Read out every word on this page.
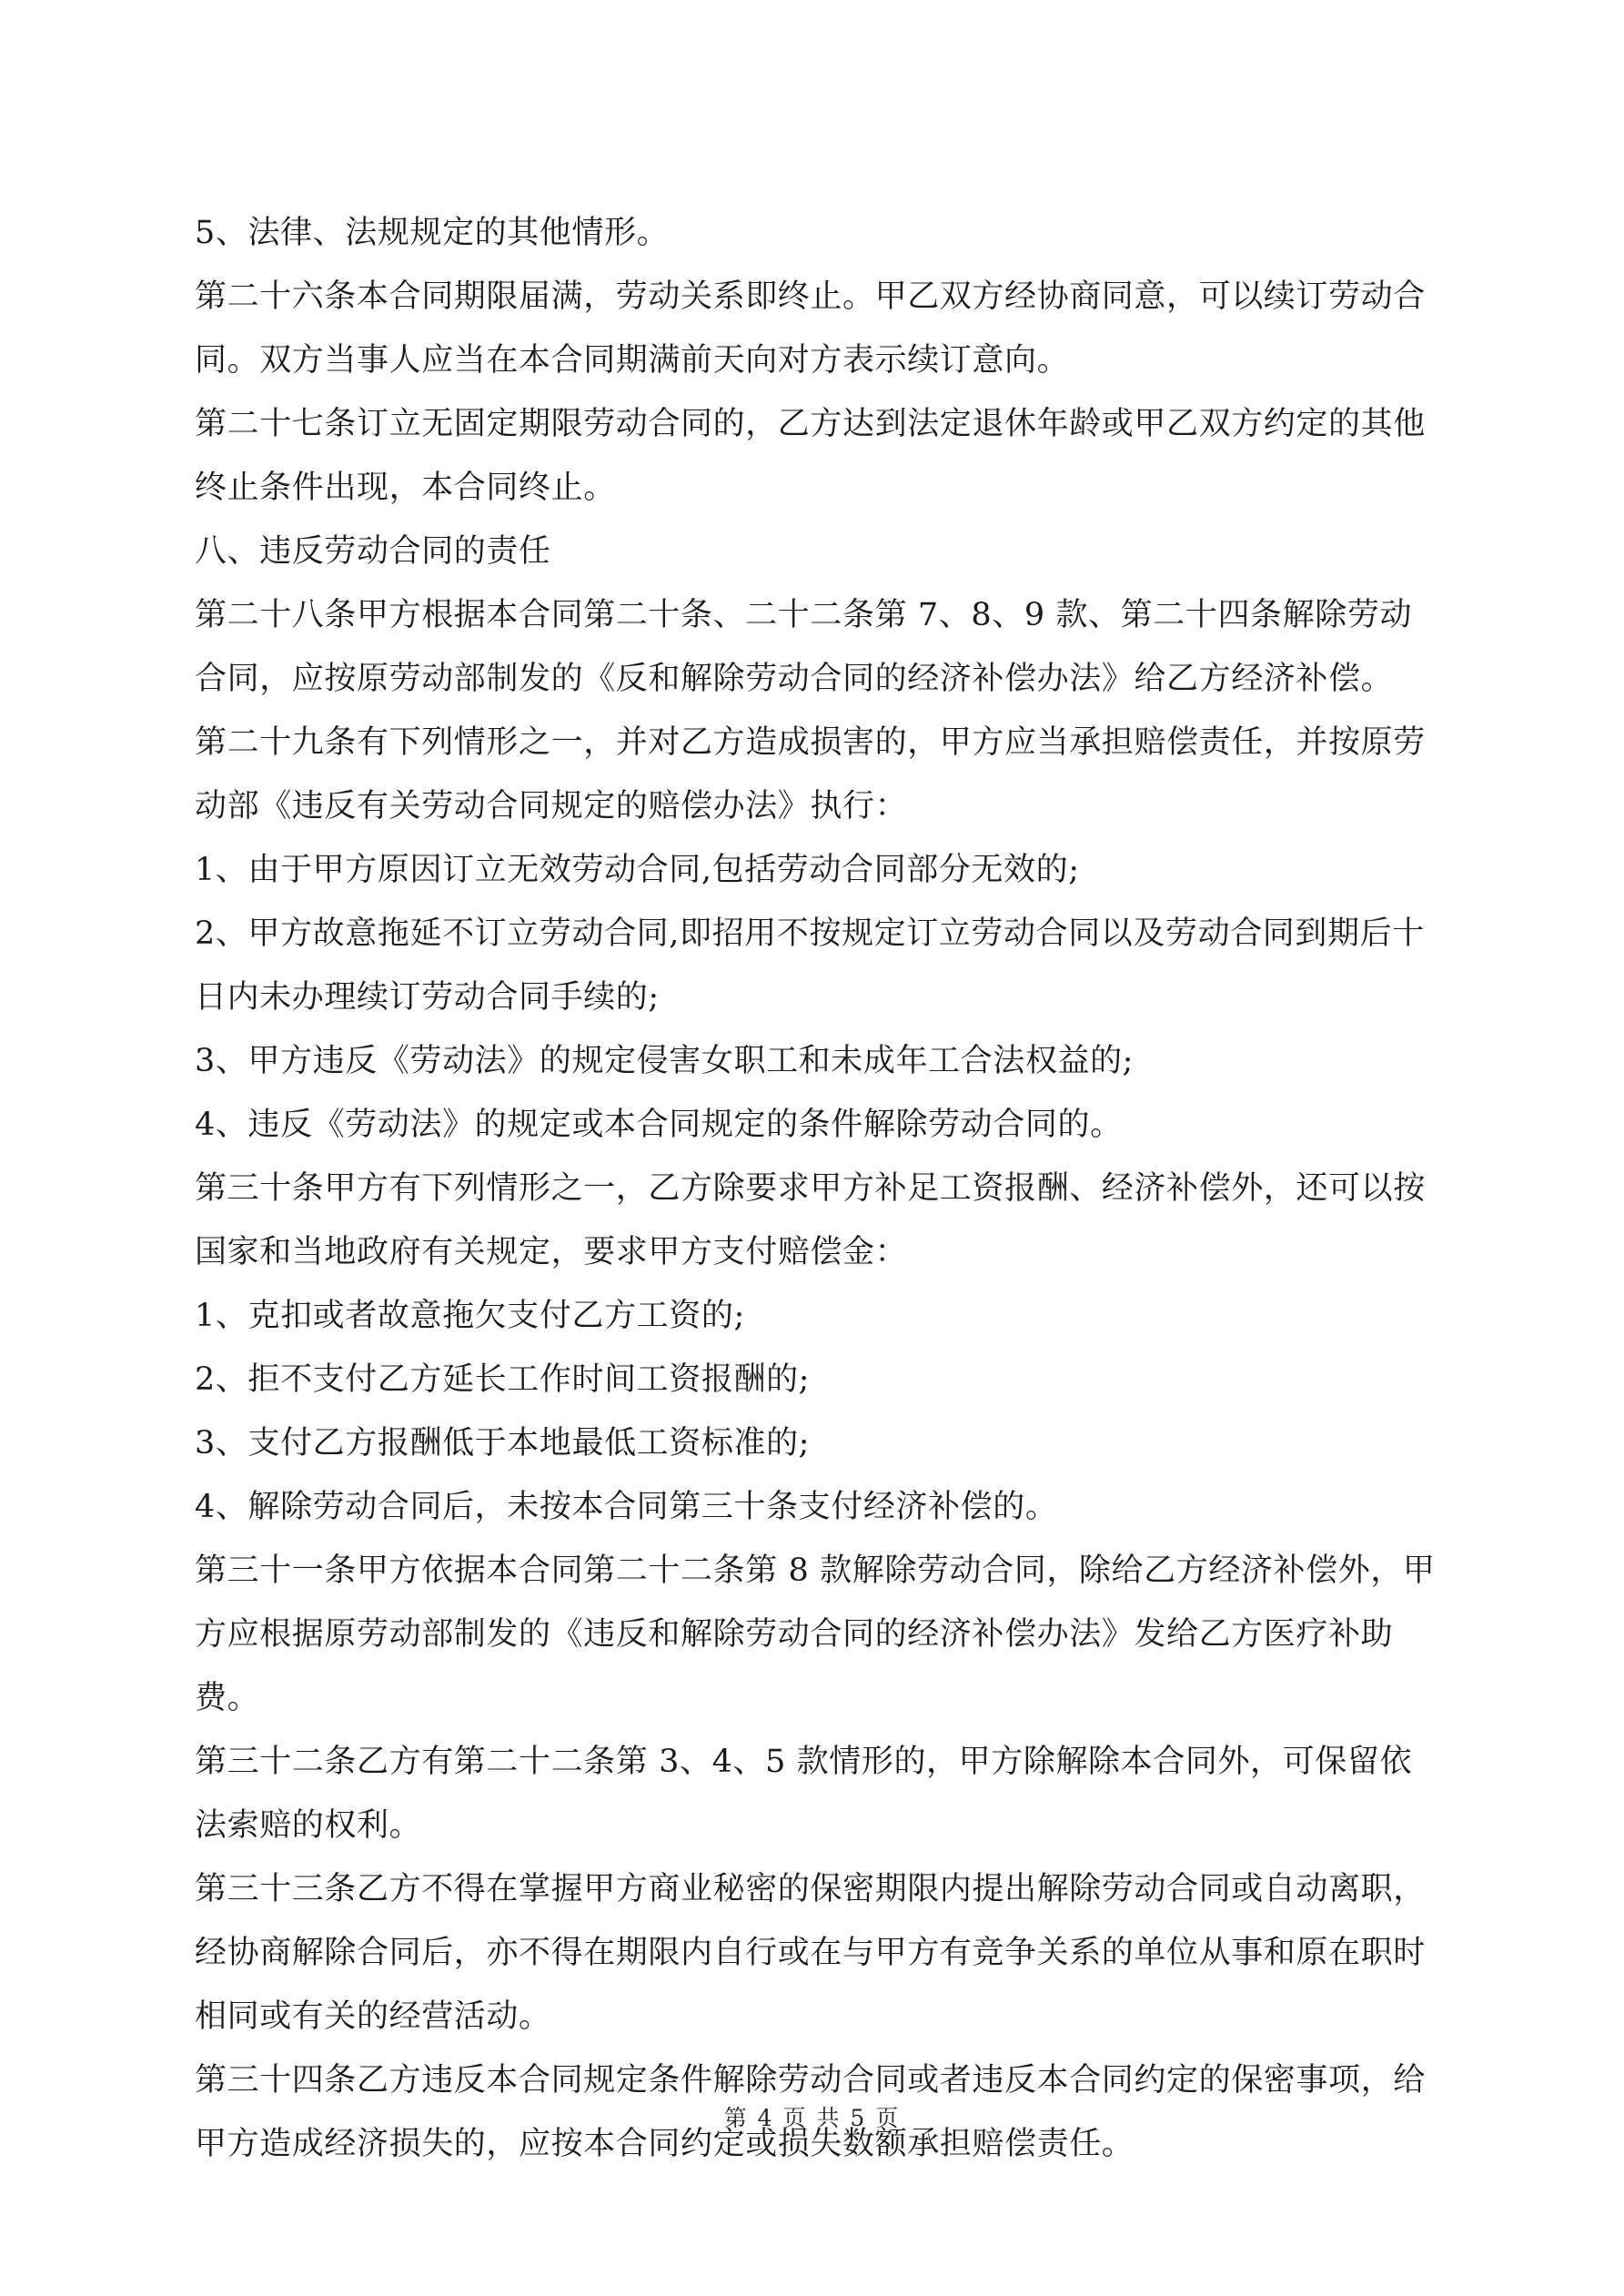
5、法律、法规规定的其他情形。

第二十六条本合同期限届满，劳动关系即终止。甲乙双方经协商同意，可以续订劳动合同。双方当事人应当在本合同期满前天向对方表示续订意向。

第二十七条订立无固定期限劳动合同的，乙方达到法定退休年龄或甲乙双方约定的其他终止条件出现，本合同终止。

八、违反劳动合同的责任

第二十八条甲方根据本合同第二十条、二十二条第 7、8、9 款、第二十四条解除劳动合同，应按原劳动部制发的《反和解除劳动合同的经济补偿办法》给乙方经济补偿。

第二十九条有下列情形之一，并对乙方造成损害的，甲方应当承担赔偿责任，并按原劳动部《违反有关劳动合同规定的赔偿办法》执行：

1、由于甲方原因订立无效劳动合同,包括劳动合同部分无效的;

2、甲方故意拖延不订立劳动合同,即招用不按规定订立劳动合同以及劳动合同到期后十日内未办理续订劳动合同手续的;

3、甲方违反《劳动法》的规定侵害女职工和未成年工合法权益的;

4、违反《劳动法》的规定或本合同规定的条件解除劳动合同的。

第三十条甲方有下列情形之一，乙方除要求甲方补足工资报酬、经济补偿外，还可以按国家和当地政府有关规定，要求甲方支付赔偿金：

1、克扣或者故意拖欠支付乙方工资的;

2、拒不支付乙方延长工作时间工资报酬的;

3、支付乙方报酬低于本地最低工资标准的;

4、解除劳动合同后，未按本合同第三十条支付经济补偿的。

第三十一条甲方依据本合同第二十二条第 8 款解除劳动合同，除给乙方经济补偿外，甲方应根据原劳动部制发的《违反和解除劳动合同的经济补偿办法》发给乙方医疗补助费。

第三十二条乙方有第二十二条第 3、4、5 款情形的，甲方除解除本合同外，可保留依法索赔的权利。

第三十三条乙方不得在掌握甲方商业秘密的保密期限内提出解除劳动合同或自动离职，经协商解除合同后，亦不得在期限内自行或在与甲方有竞争关系的单位从事和原在职时相同或有关的经营活动。

第三十四条乙方违反本合同规定条件解除劳动合同或者违反本合同约定的保密事项，给甲方造成经济损失的，应按本合同约定或损失数额承担赔偿责任。

第 4 页 共 5 页
